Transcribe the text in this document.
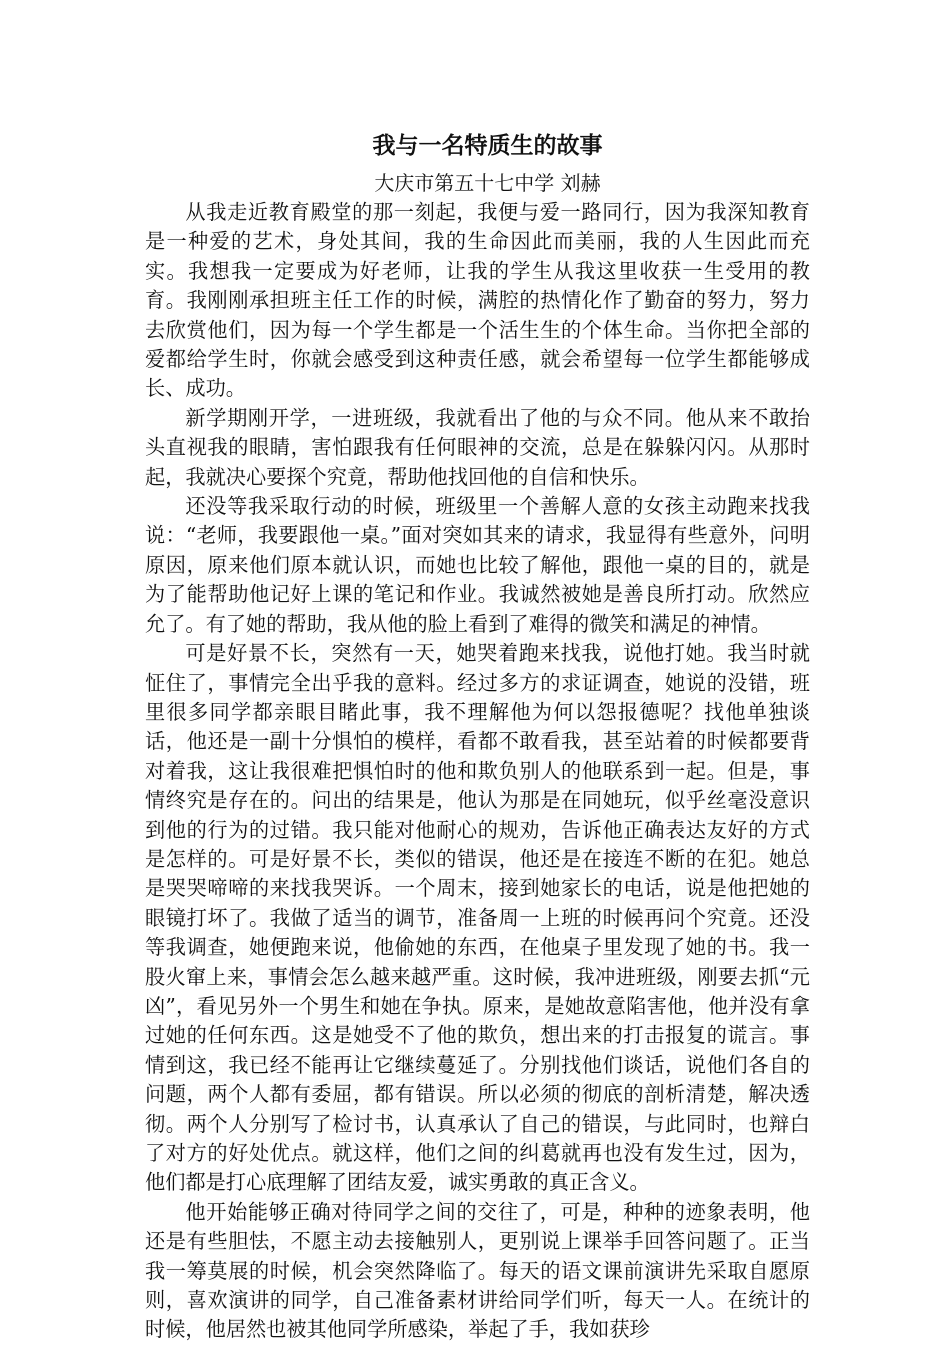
我与一名特质生的故事

大庆市第五十七中学 刘赫

从我走近教育殿堂的那一刻起，我便与爱一路同行，因为我深知教育是一种爱的艺术，身处其间，我的生命因此而美丽，我的人生因此而充实。我想我一定要成为好老师，让我的学生从我这里收获一生受用的教育。我刚刚承担班主任工作的时候，满腔的热情化作了勤奋的努力，努力去欣赏他们，因为每一个学生都是一个活生生的个体生命。当你把全部的爱都给学生时，你就会感受到这种责任感，就会希望每一位学生都能够成长、成功。

新学期刚开学，一进班级，我就看出了他的与众不同。他从来不敢抬头直视我的眼睛，害怕跟我有任何眼神的交流，总是在躲躲闪闪。从那时起，我就决心要探个究竟，帮助他找回他的自信和快乐。

还没等我采取行动的时候，班级里一个善解人意的女孩主动跑来找我说：“老师，我要跟他一桌。”面对突如其来的请求，我显得有些意外，问明原因，原来他们原本就认识，而她也比较了解他，跟他一桌的目的，就是为了能帮助他记好上课的笔记和作业。我诚然被她是善良所打动。欣然应允了。有了她的帮助，我从他的脸上看到了难得的微笑和满足的神情。

可是好景不长，突然有一天，她哭着跑来找我，说他打她。我当时就怔住了，事情完全出乎我的意料。经过多方的求证调查，她说的没错，班里很多同学都亲眼目睹此事，我不理解他为何以怨报德呢？找他单独谈话，他还是一副十分惧怕的模样，看都不敢看我，甚至站着的时候都要背对着我，这让我很难把惧怕时的他和欺负别人的他联系到一起。但是，事情终究是存在的。问出的结果是，他认为那是在同她玩，似乎丝毫没意识到他的行为的过错。我只能对他耐心的规劝，告诉他正确表达友好的方式是怎样的。可是好景不长，类似的错误，他还是在接连不断的在犯。她总是哭哭啼啼的来找我哭诉。一个周末，接到她家长的电话，说是他把她的眼镜打坏了。我做了适当的调节，准备周一上班的时候再问个究竟。还没等我调查，她便跑来说，他偷她的东西，在他桌子里发现了她的书。我一股火窜上来，事情会怎么越来越严重。这时候，我冲进班级，刚要去抓“元凶”，看见另外一个男生和她在争执。原来，是她故意陷害他，他并没有拿过她的任何东西。这是她受不了他的欺负，想出来的打击报复的谎言。事情到这，我已经不能再让它继续蔓延了。分别找他们谈话，说他们各自的问题，两个人都有委屈，都有错误。所以必须的彻底的剖析清楚，解决透彻。两个人分别写了检讨书，认真承认了自己的错误，与此同时，也辩白了对方的好处优点。就这样，他们之间的纠葛就再也没有发生过，因为，他们都是打心底理解了团结友爱，诚实勇敢的真正含义。

他开始能够正确对待同学之间的交往了，可是，种种的迹象表明，他还是有些胆怯，不愿主动去接触别人，更别说上课举手回答问题了。正当我一筹莫展的时候，机会突然降临了。每天的语文课前演讲先采取自愿原则，喜欢演讲的同学，自己准备素材讲给同学们听，每天一人。在统计的时候，他居然也被其他同学所感染，举起了手，我如获珍
